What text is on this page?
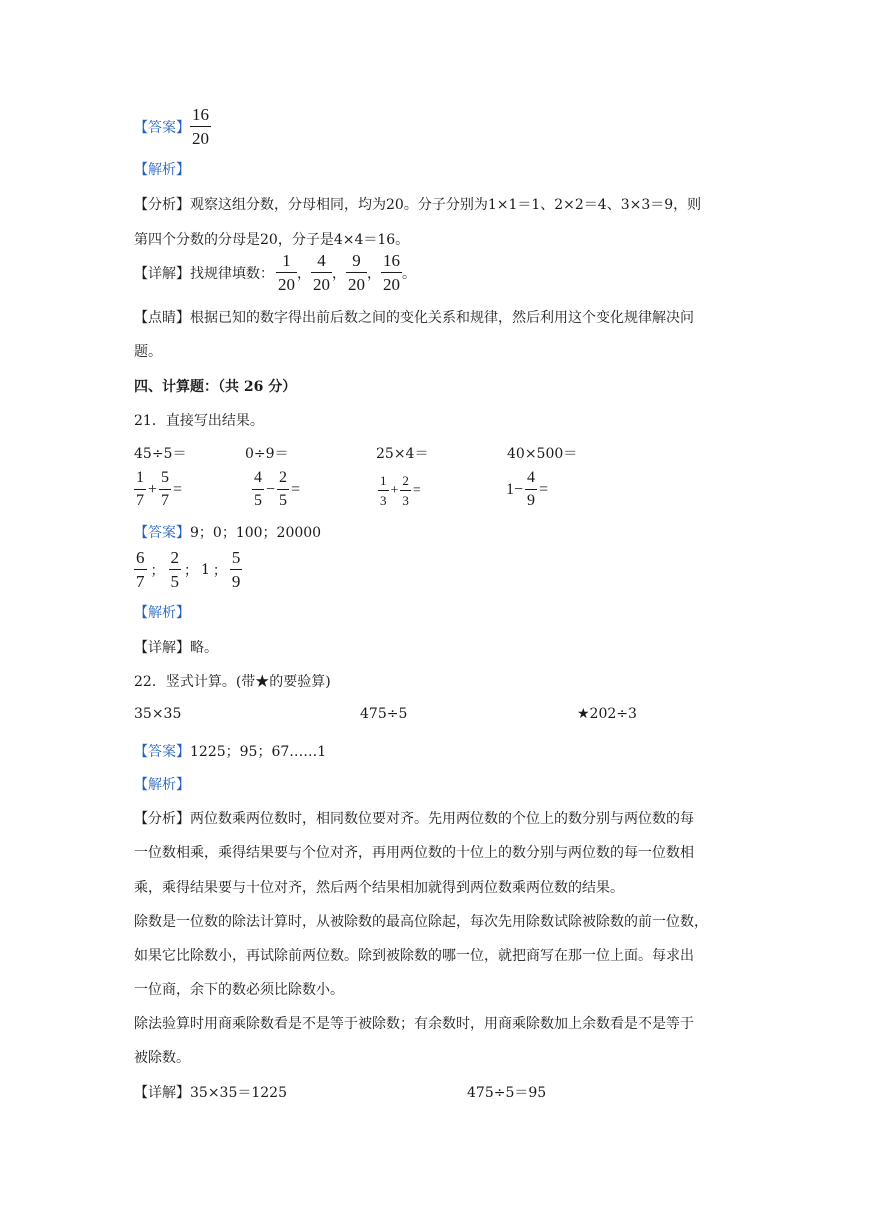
【答案】 $\frac{16}{20}$
【解析】
【分析】观察这组分数，分母相同，均为20。分子分别为1×1＝1、2×2＝4、3×3＝9，则
第四个分数的分母是20，分子是4×4＝16。
【详解】 找规律填数： $\frac{1}{20}$ ， $\frac{4}{20}$ ， $\frac{9}{20}$ ， $\frac{16}{20}$ 。
【点睛】根据已知的数字得出前后数之间的变化关系和规律，然后利用这个变化规律解决问
题。
四、计算题：（共 26 分）
21．直接写出结果。
45÷5＝	0÷9＝	25×4＝	40×500＝
$\frac{1}{7} + \frac{5}{7}$ =	$\frac{4}{5} - \frac{2}{5}$ =	$\frac{1}{3} + \frac{2}{3}$ =	$1- \frac{4}{9}$ =
【答案】9；0；100；20000
$\frac{6}{7}$ ； $\frac{2}{5}$ ； 1 ； $\frac{5}{9}$
【解析】
【详解】略。
22．竖式计算。(带★的要验算)
35×35	475÷5	★202÷3
【答案】1225；95；67……1
【解析】
【分析】两位数乘两位数时，相同数位要对齐。先用两位数的个位上的数分别与两位数的每
一位数相乘，乘得结果要与个位对齐，再用两位数的十位上的数分别与两位数的每一位数相
乘，乘得结果要与十位对齐，然后两个结果相加就得到两位数乘两位数的结果。
除数是一位数的除法计算时，从被除数的最高位除起，每次先用除数试除被除数的前一位数，
如果它比除数小，再试除前两位数。除到被除数的哪一位，就把商写在那一位上面。每求出
一位商，余下的数必须比除数小。
除法验算时用商乘除数看是不是等于被除数；有余数时，用商乘除数加上余数看是不是等于
被除数。
【详解】35×35＝1225	475÷5＝95
